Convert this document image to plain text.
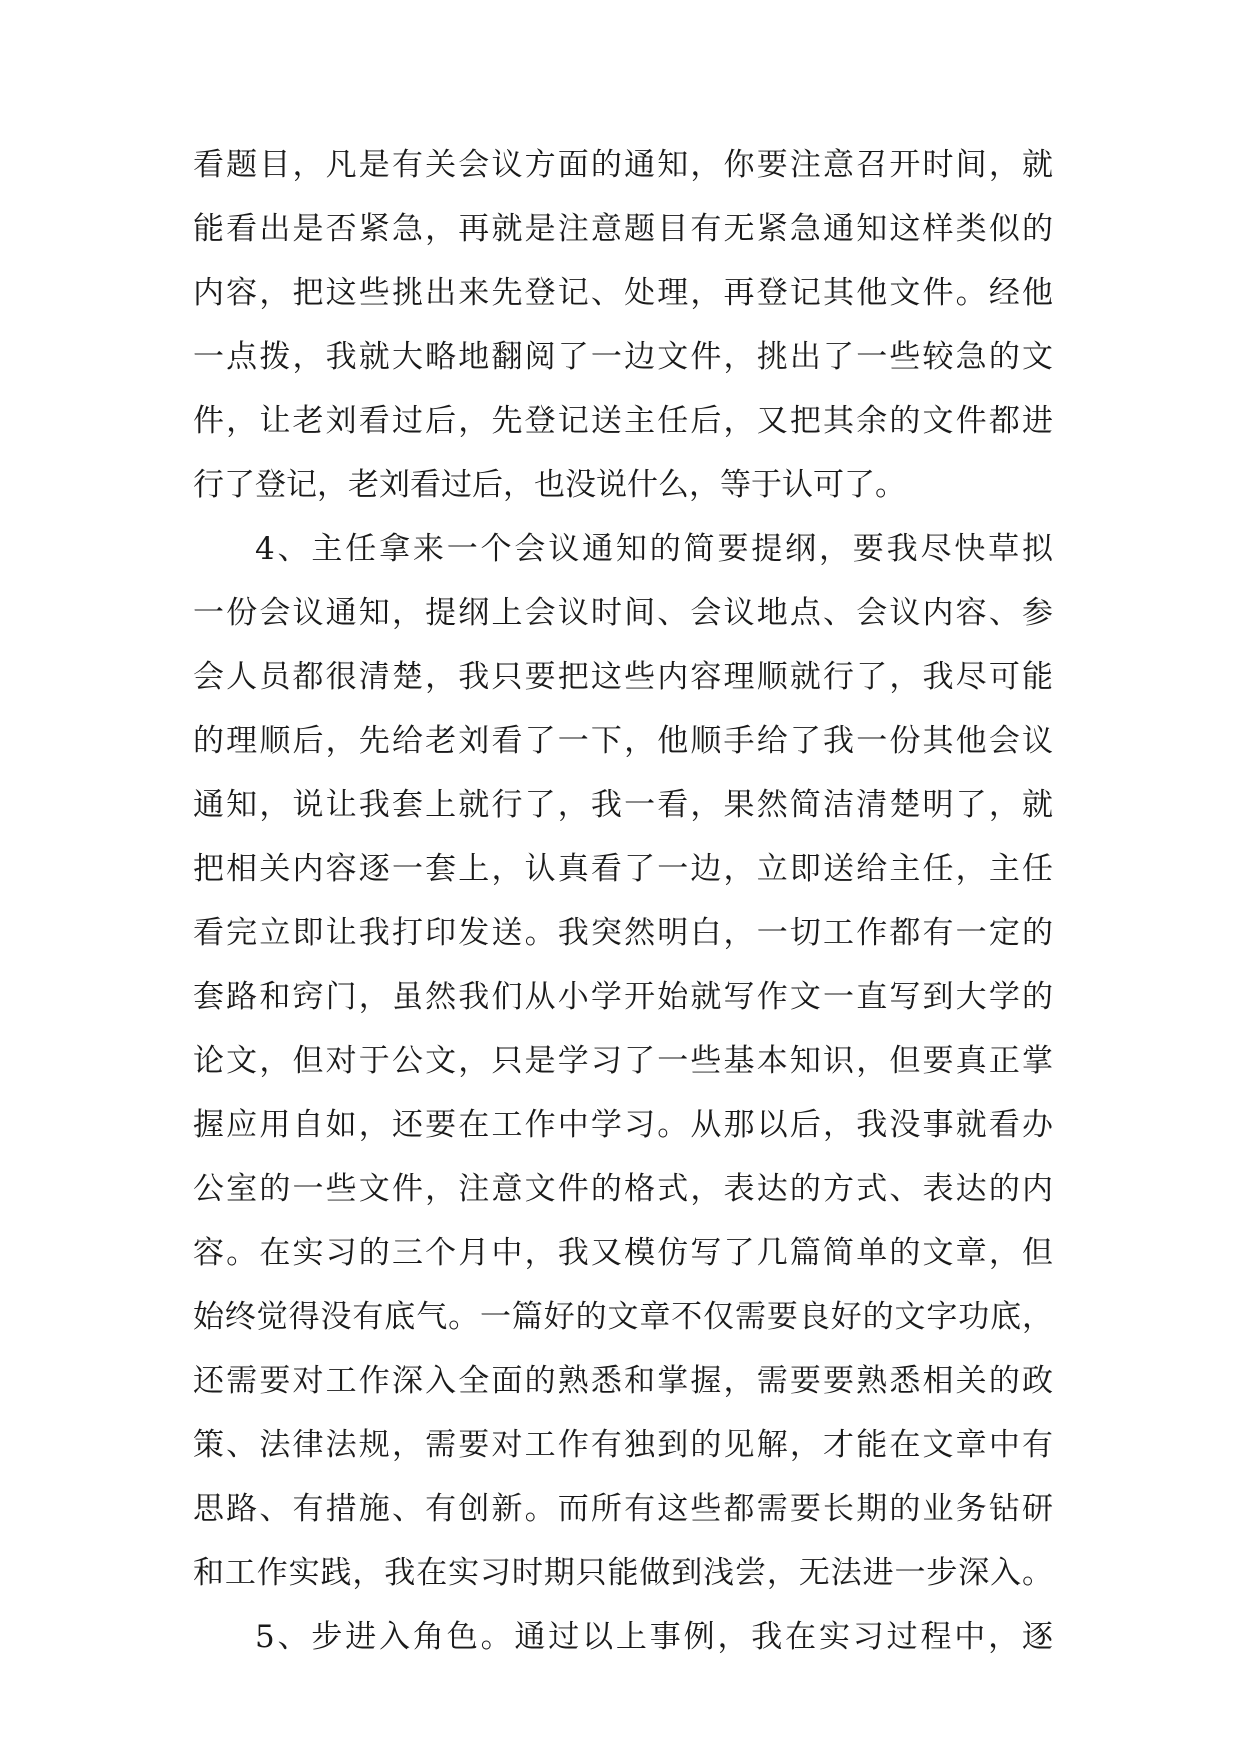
看题目，凡是有关会议方面的通知，你要注意召开时间，就
能看出是否紧急，再就是注意题目有无紧急通知这样类似的
内容，把这些挑出来先登记、处理，再登记其他文件。经他
一点拨，我就大略地翻阅了一边文件，挑出了一些较急的文
件，让老刘看过后，先登记送主任后，又把其余的文件都进
行了登记，老刘看过后，也没说什么，等于认可了。
4、主任拿来一个会议通知的简要提纲，要我尽快草拟
一份会议通知，提纲上会议时间、会议地点、会议内容、参
会人员都很清楚，我只要把这些内容理顺就行了，我尽可能
的理顺后，先给老刘看了一下，他顺手给了我一份其他会议
通知，说让我套上就行了，我一看，果然简洁清楚明了，就
把相关内容逐一套上，认真看了一边，立即送给主任，主任
看完立即让我打印发送。我突然明白，一切工作都有一定的
套路和窍门，虽然我们从小学开始就写作文一直写到大学的
论文，但对于公文，只是学习了一些基本知识，但要真正掌
握应用自如，还要在工作中学习。从那以后，我没事就看办
公室的一些文件，注意文件的格式，表达的方式、表达的内
容。在实习的三个月中，我又模仿写了几篇简单的文章，但
始终觉得没有底气。一篇好的文章不仅需要良好的文字功底，
还需要对工作深入全面的熟悉和掌握，需要要熟悉相关的政
策、法律法规，需要对工作有独到的见解，才能在文章中有
思路、有措施、有创新。而所有这些都需要长期的业务钻研
和工作实践，我在实习时期只能做到浅尝，无法进一步深入。
5、步进入角色。通过以上事例，我在实习过程中，逐
